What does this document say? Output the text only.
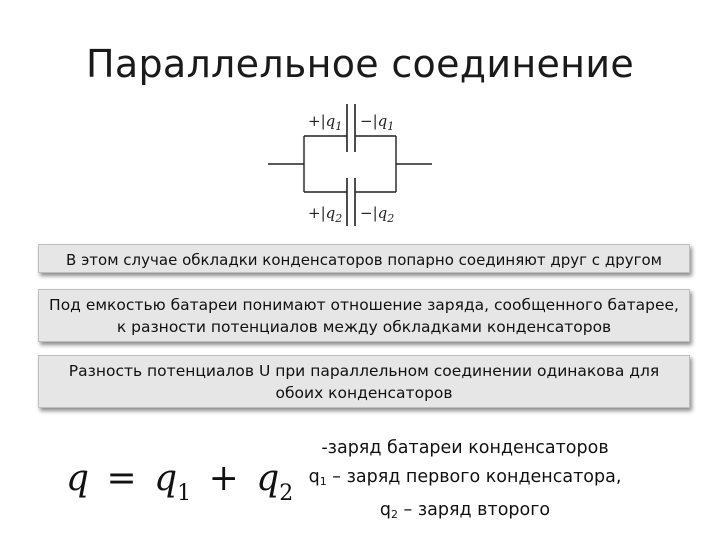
Параллельное соединение
$+|q_1 -|q_1$
$+|q_2 -|q_2$
В этом случае обкладки конденсаторов попарно соединяют друг с другом
Под емкостью батареи понимают отношение заряда, сообщенного батарее, к разности потенциалов между обкладками конденсаторов
Разность потенциалов U при параллельном соединении одинакова для обоих конденсаторов
$q = q_1 + q_2$
-заряд батареи конденсаторов
$q_1$ – заряд первого конденсатора,
$q_2$ – заряд второго
